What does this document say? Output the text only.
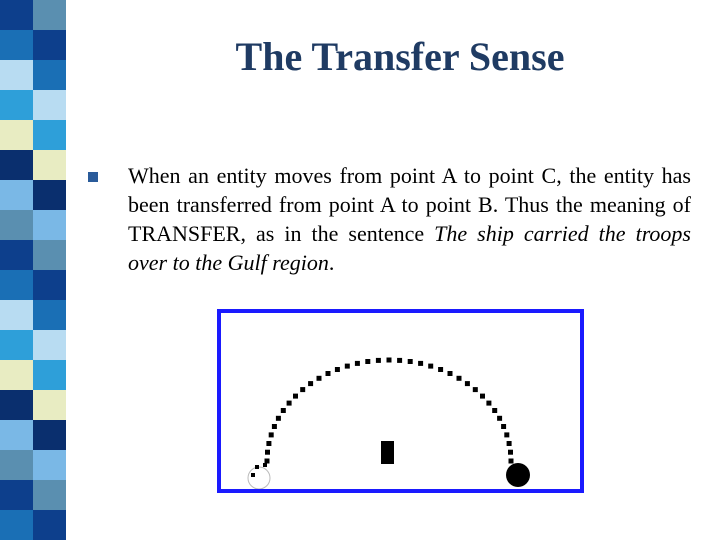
The Transfer Sense

When an entity moves from point A to point C, the entity has been transferred from point A to point B. Thus the meaning of TRANSFER, as in the sentence The ship carried the troops over to the Gulf region.
